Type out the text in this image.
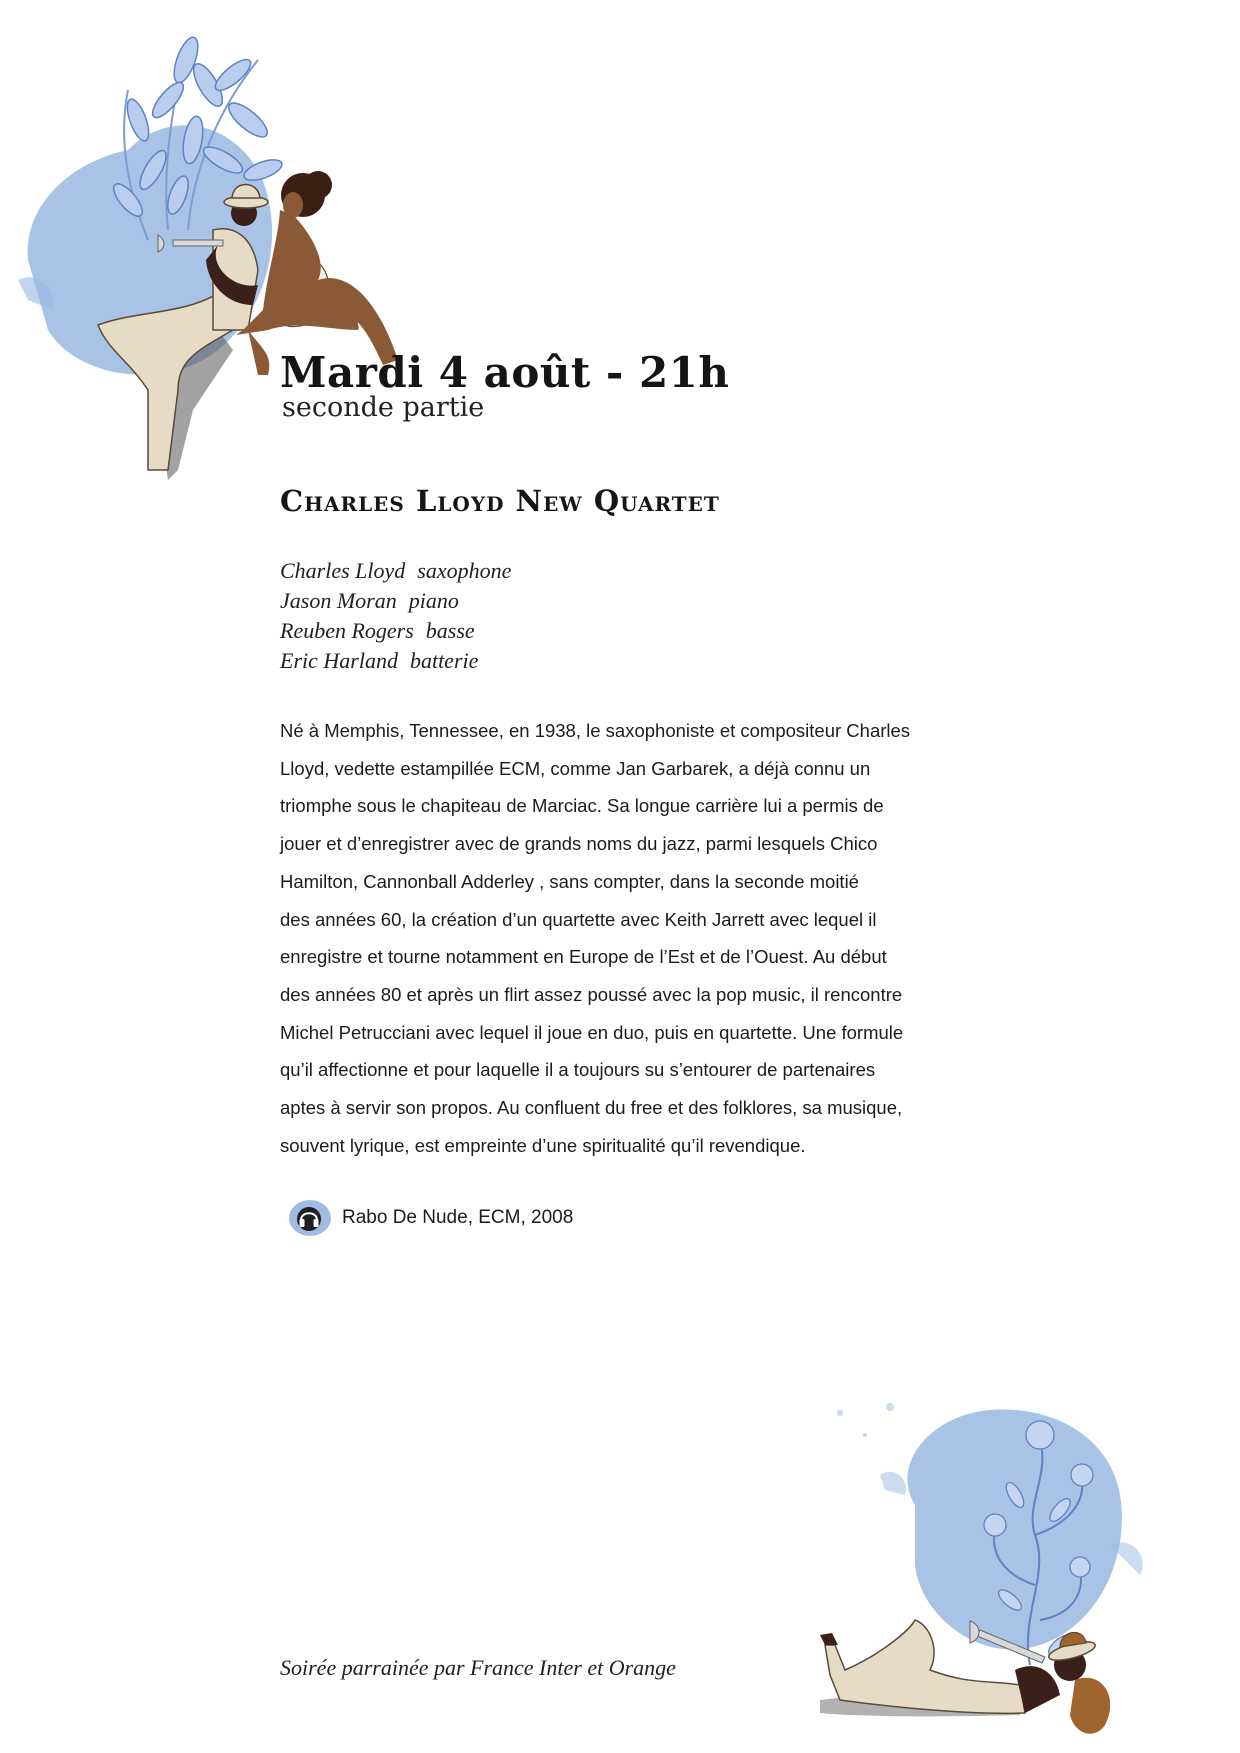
Mardi 4 août - 21h
seconde partie
Charles Lloyd New Quartet
Charles Lloyd saxophone
Jason Moran piano
Reuben Rogers basse
Eric Harland batterie
Né à Memphis, Tennessee, en 1938, le saxophoniste et compositeur Charles
Lloyd, vedette estampillée ECM, comme Jan Garbarek, a déjà connu un
triomphe sous le chapiteau de Marciac. Sa longue carrière lui a permis de
jouer et d’enregistrer avec de grands noms du jazz, parmi lesquels Chico
Hamilton, Cannonball Adderley , sans compter, dans la seconde moitié
des années 60, la création d’un quartette avec Keith Jarrett avec lequel il
enregistre et tourne notamment en Europe de l’Est et de l’Ouest. Au début
des années 80 et après un flirt assez poussé avec la pop music, il rencontre
Michel Petrucciani avec lequel il joue en duo, puis en quartette. Une formule
qu’il affectionne et pour laquelle il a toujours su s’entourer de partenaires
aptes à servir son propos. Au confluent du free et des folklores, sa musique,
souvent lyrique, est empreinte d’une spiritualité qu’il revendique.
Rabo De Nude, ECM, 2008
Soirée parrainée par France Inter et Orange
